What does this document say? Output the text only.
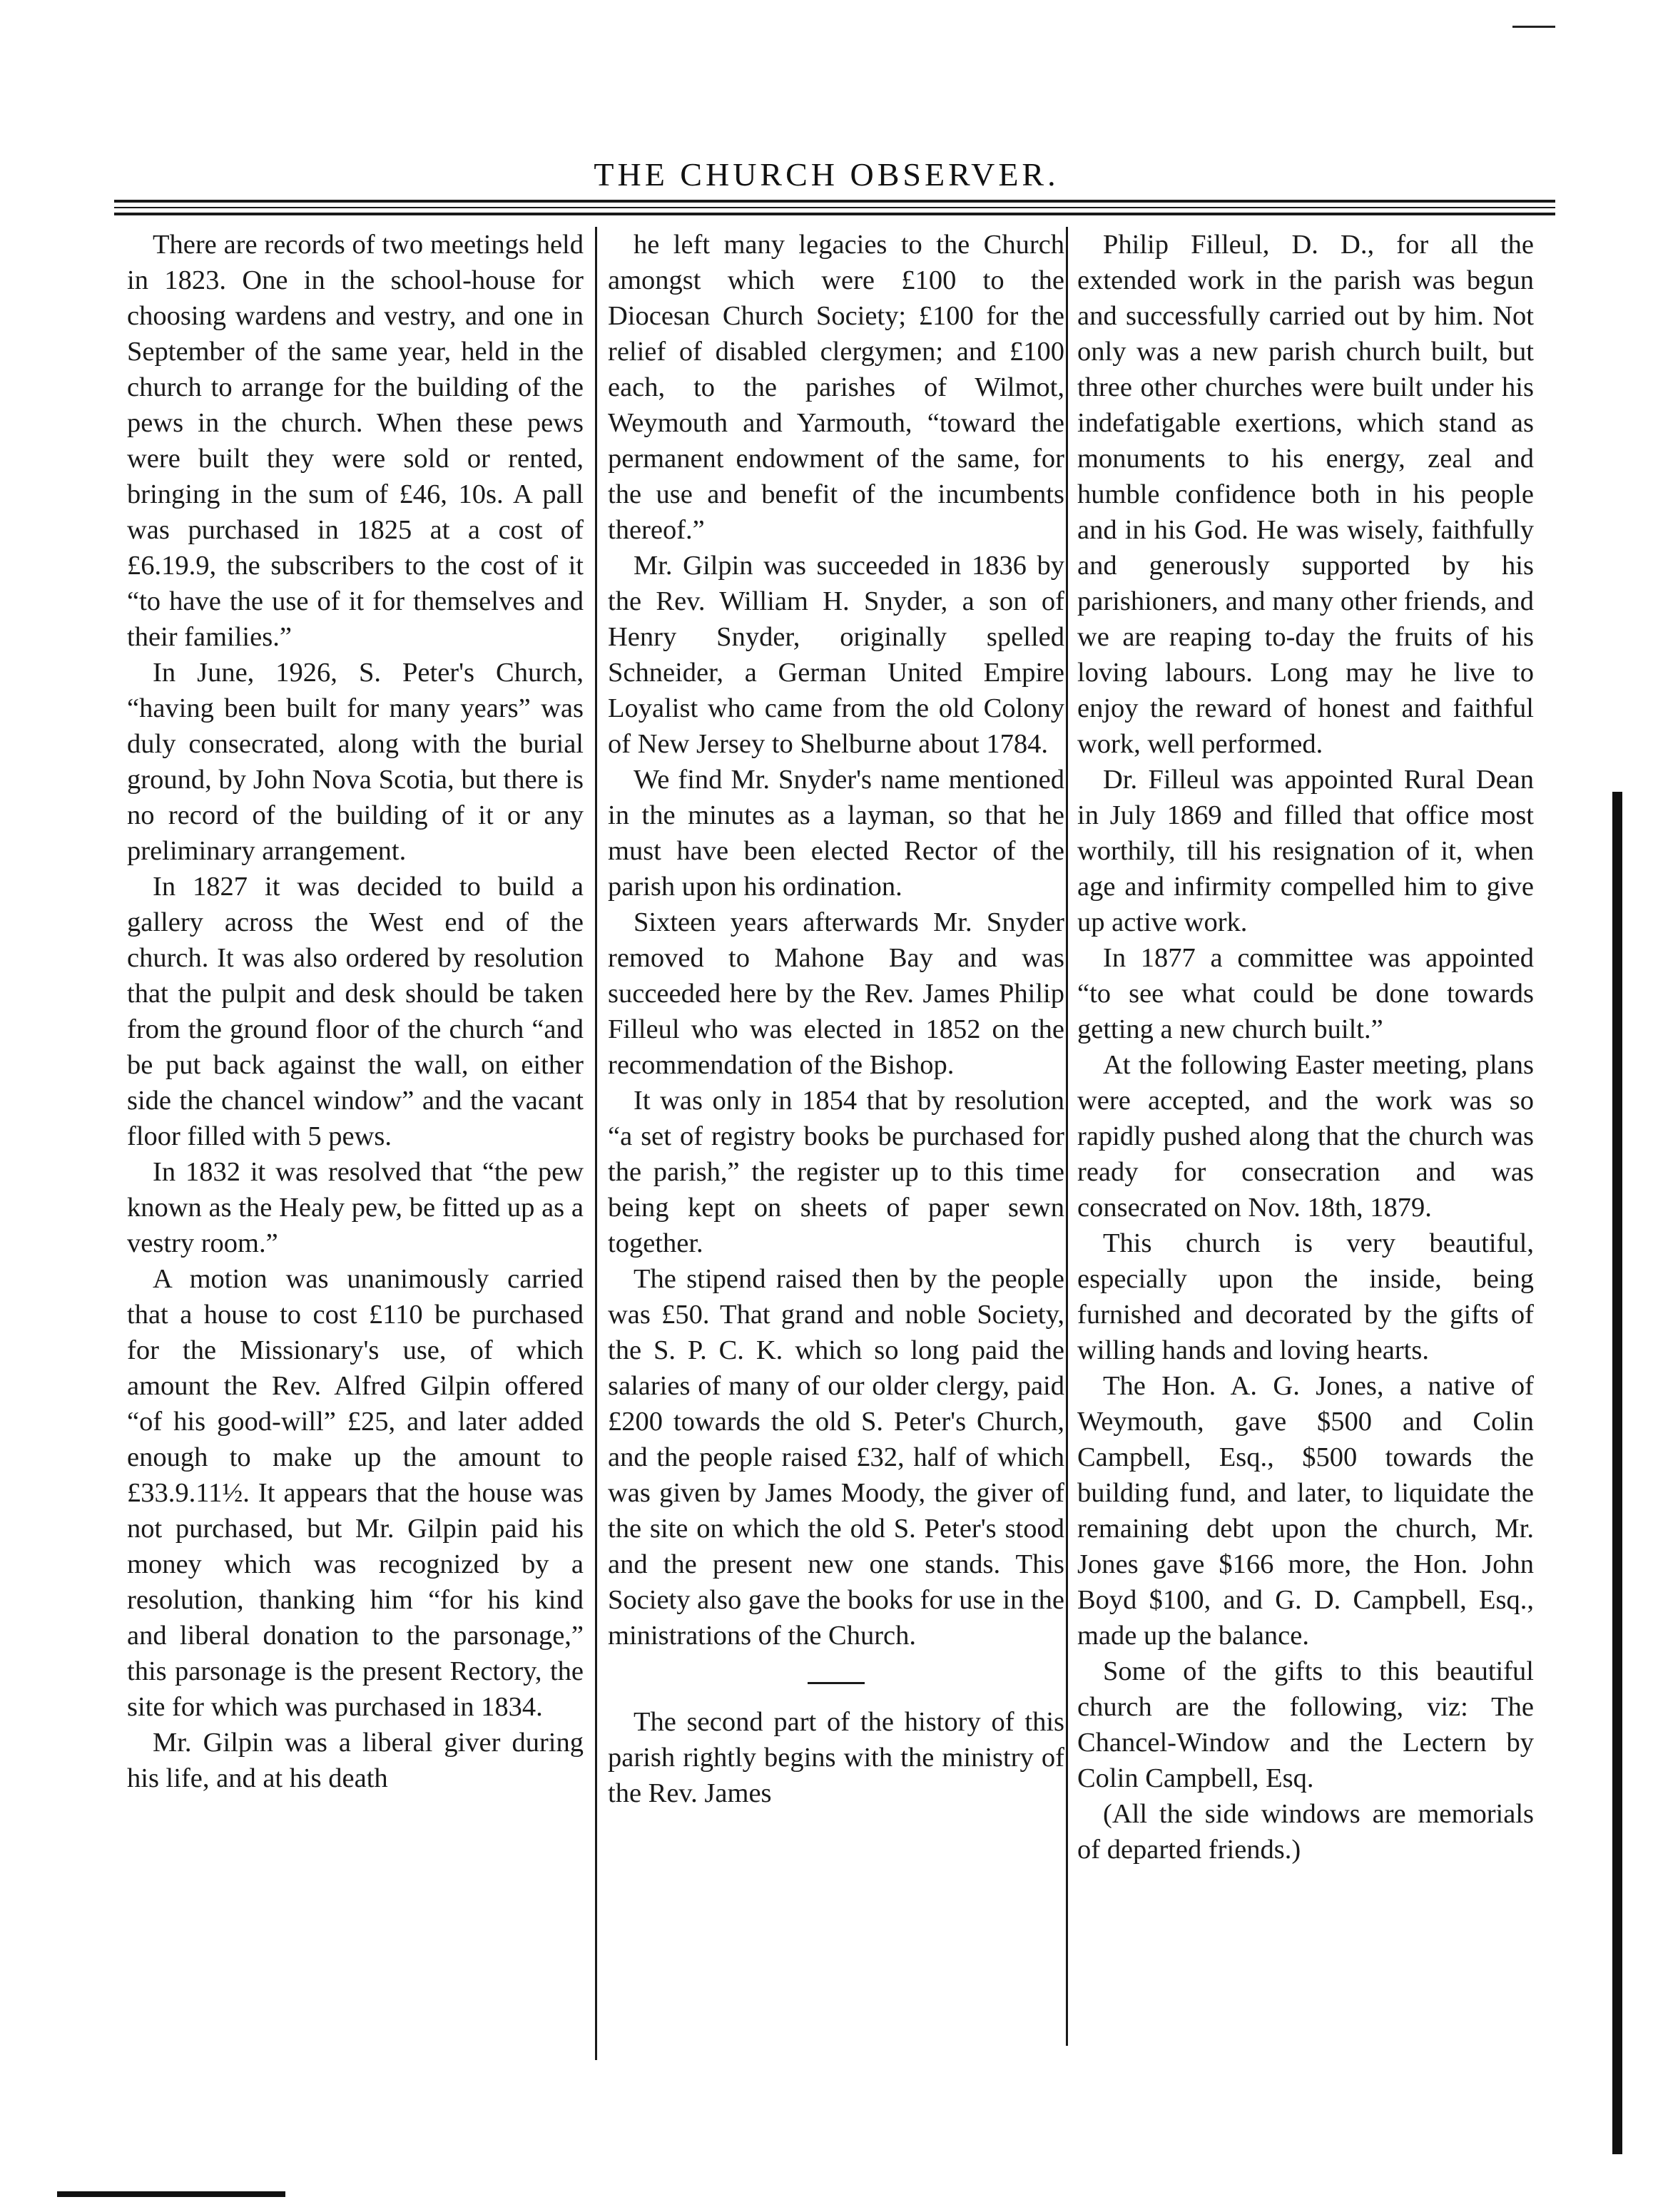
THE CHURCH OBSERVER.

There are records of two meetings held in 1823. One in the school-house for choosing wardens and vestry, and one in September of the same year, held in the church to arrange for the building of the pews in the church. When these pews were built they were sold or rented, bringing in the sum of £46, 10s. A pall was purchased in 1825 at a cost of £6.19.9, the subscribers to the cost of it “to have the use of it for themselves and their families.”

In June, 1926, S. Peter's Church, “having been built for many years” was duly consecrated, along with the burial ground, by John Nova Scotia, but there is no record of the building of it or any preliminary arrangement.

In 1827 it was decided to build a gallery across the West end of the church. It was also ordered by resolution that the pulpit and desk should be taken from the ground floor of the church “and be put back against the wall, on either side the chancel window” and the vacant floor filled with 5 pews.

In 1832 it was resolved that “the pew known as the Healy pew, be fitted up as a vestry room.”

A motion was unanimously carried that a house to cost £110 be purchased for the Missionary's use, of which amount the Rev. Alfred Gilpin offered “of his good-will” £25, and later added enough to make up the amount to £33.9.11½. It appears that the house was not purchased, but Mr. Gilpin paid his money which was recognized by a resolution, thanking him “for his kind and liberal donation to the parsonage,” this parsonage is the present Rectory, the site for which was purchased in 1834.

Mr. Gilpin was a liberal giver during his life, and at his death

he left many legacies to the Church amongst which were £100 to the Diocesan Church Society; £100 for the relief of disabled clergymen; and £100 each, to the parishes of Wilmot, Weymouth and Yarmouth, “toward the permanent endowment of the same, for the use and benefit of the incumbents thereof.”

Mr. Gilpin was succeeded in 1836 by the Rev. William H. Snyder, a son of Henry Snyder, originally spelled Schneider, a German United Empire Loyalist who came from the old Colony of New Jersey to Shelburne about 1784.

We find Mr. Snyder's name mentioned in the minutes as a layman, so that he must have been elected Rector of the parish upon his ordination.

Sixteen years afterwards Mr. Snyder removed to Mahone Bay and was succeeded here by the Rev. James Philip Filleul who was elected in 1852 on the recommendation of the Bishop.

It was only in 1854 that by resolution “a set of registry books be purchased for the parish,” the register up to this time being kept on sheets of paper sewn together.

The stipend raised then by the people was £50. That grand and noble Society, the S. P. C. K. which so long paid the salaries of many of our older clergy, paid £200 towards the old S. Peter's Church, and the people raised £32, half of which was given by James Moody, the giver of the site on which the old S. Peter's stood and the present new one stands. This Society also gave the books for use in the ministrations of the Church.

The second part of the history of this parish rightly begins with the ministry of the Rev. James

Philip Filleul, D. D., for all the extended work in the parish was begun and successfully carried out by him. Not only was a new parish church built, but three other churches were built under his indefatigable exertions, which stand as monuments to his energy, zeal and humble confidence both in his people and in his God. He was wisely, faithfully and generously supported by his parishioners, and many other friends, and we are reaping to-day the fruits of his loving labours. Long may he live to enjoy the reward of honest and faithful work, well performed.

Dr. Filleul was appointed Rural Dean in July 1869 and filled that office most worthily, till his resignation of it, when age and infirmity compelled him to give up active work.

In 1877 a committee was appointed “to see what could be done towards getting a new church built.”

At the following Easter meeting, plans were accepted, and the work was so rapidly pushed along that the church was ready for consecration and was consecrated on Nov. 18th, 1879.

This church is very beautiful, especially upon the inside, being furnished and decorated by the gifts of willing hands and loving hearts.

The Hon. A. G. Jones, a native of Weymouth, gave $500 and Colin Campbell, Esq., $500 towards the building fund, and later, to liquidate the remaining debt upon the church, Mr. Jones gave $166 more, the Hon. John Boyd $100, and G. D. Campbell, Esq., made up the balance.

Some of the gifts to this beautiful church are the following, viz: The Chancel-Window and the Lectern by Colin Campbell, Esq.

(All the side windows are memorials of departed friends.)
